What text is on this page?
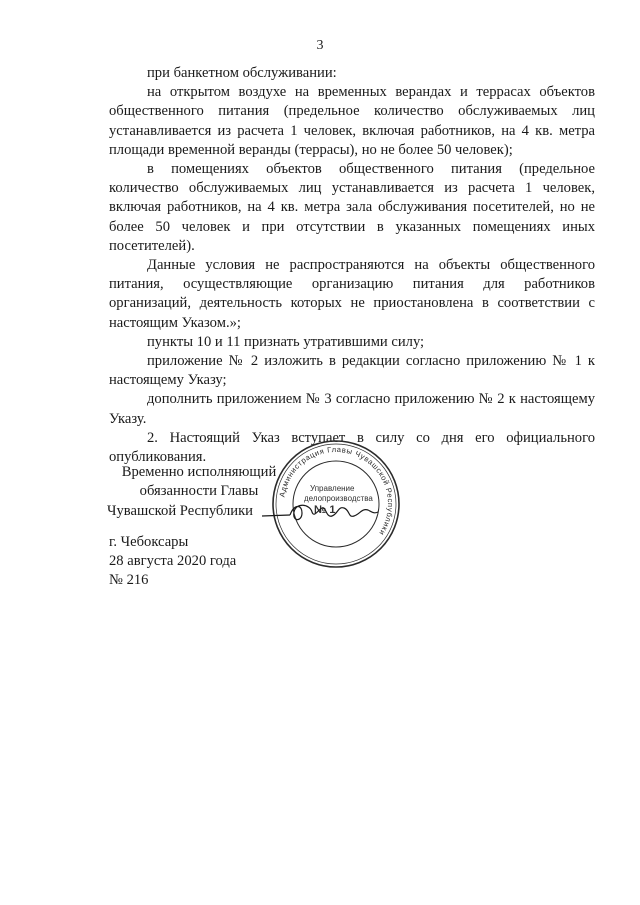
3

при банкетном обслуживании:

на открытом воздухе на временных верандах и террасах объектов общественного питания (предельное количество обслуживаемых лиц устанавливается из расчета 1 человек, включая работников, на 4 кв. метра площади временной веранды (террасы), но не более 50 человек);

в помещениях объектов общественного питания (предельное количество обслуживаемых лиц устанавливается из расчета 1 человек, включая работников, на 4 кв. метра зала обслуживания посетителей, но не более 50 человек и при отсутствии в указанных помещениях иных посетителей).

Данные условия не распространяются на объекты общественного питания, осуществляющие организацию питания для работников организаций, деятельность которых не приостановлена в соответствии с настоящим Указом.»;

пункты 10 и 11 признать утратившими силу;

приложение № 2 изложить в редакции согласно приложению № 1 к настоящему Указу;

дополнить приложением № 3 согласно приложению № 2 к настоящему Указу.

2. Настоящий Указ вступает в силу со дня его официального опубликования.

Временно исполняющий
обязанности Главы
Чувашской Республики
Администрация Главы Чувашской Республики
Управление
делопроизводства
№ 1
г. Чебоксары
28 августа 2020 года
№ 216
